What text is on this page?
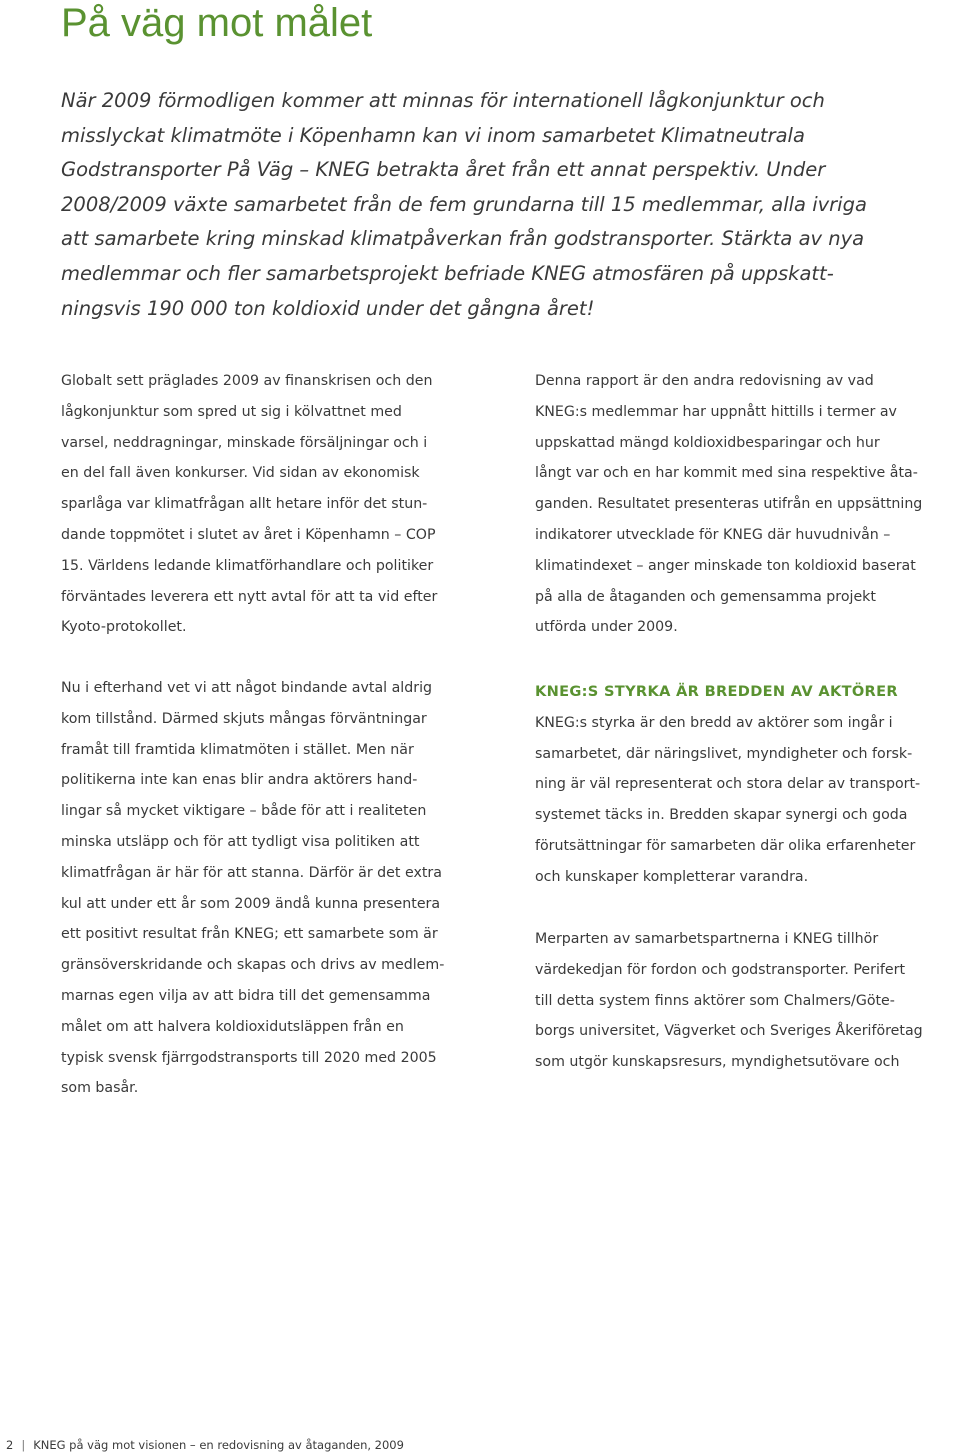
På väg mot målet
När 2009 förmodligen kommer att minnas för internationell lågkonjunktur och
misslyckat klimatmöte i Köpenhamn kan vi inom samarbetet Klimatneutrala
Godstransporter På Väg – KNEG betrakta året från ett annat perspektiv. Under
2008/2009 växte samarbetet från de fem grundarna till 15 medlemmar, alla ivriga
att samarbete kring minskad klimatpåverkan från godstransporter. Stärkta av nya
medlemmar och fler samarbetsprojekt befriade KNEG atmosfären på uppskatt-
ningsvis 190 000 ton koldioxid under det gångna året!
Globalt sett präglades 2009 av finanskrisen och den
lågkonjunktur som spred ut sig i kölvattnet med
varsel, neddragningar, minskade försäljningar och i
en del fall även konkurser. Vid sidan av ekonomisk
sparlåga var klimatfrågan allt hetare inför det stun-
dande toppmötet i slutet av året i Köpenhamn – COP
15. Världens ledande klimatförhandlare och politiker
förväntades leverera ett nytt avtal för att ta vid efter
Kyoto-protokollet.
Nu i efterhand vet vi att något bindande avtal aldrig
kom tillstånd. Därmed skjuts mångas förväntningar
framåt till framtida klimatmöten i stället. Men när
politikerna inte kan enas blir andra aktörers hand-
lingar så mycket viktigare – både för att i realiteten
minska utsläpp och för att tydligt visa politiken att
klimatfrågan är här för att stanna. Därför är det extra
kul att under ett år som 2009 ändå kunna presentera
ett positivt resultat från KNEG; ett samarbete som är
gränsöverskridande och skapas och drivs av medlem-
marnas egen vilja av att bidra till det gemensamma
målet om att halvera koldioxidutsläppen från en
typisk svensk fjärrgodstransports till 2020 med 2005
som basår.
Denna rapport är den andra redovisning av vad
KNEG:s medlemmar har uppnått hittills i termer av
uppskattad mängd koldioxidbesparingar och hur
långt var och en har kommit med sina respektive åta-
ganden. Resultatet presenteras utifrån en uppsättning
indikatorer utvecklade för KNEG där huvudnivån –
klimatindexet – anger minskade ton koldioxid baserat
på alla de åtaganden och gemensamma projekt
utförda under 2009.
KNEG:S STYRKA ÄR BREDDEN AV AKTÖRER
KNEG:s styrka är den bredd av aktörer som ingår i
samarbetet, där näringslivet, myndigheter och forsk-
ning är väl representerat och stora delar av transport-
systemet täcks in. Bredden skapar synergi och goda
förutsättningar för samarbeten där olika erfarenheter
och kunskaper kompletterar varandra.
Merparten av samarbetspartnerna i KNEG tillhör
värdekedjan för fordon och godstransporter. Perifert
till detta system finns aktörer som Chalmers/Göte-
borgs universitet, Vägverket och Sveriges Åkeriföretag
som utgör kunskapsresurs, myndighetsutövare och
2 | KNEG på väg mot visionen – en redovisning av åtaganden, 2009
